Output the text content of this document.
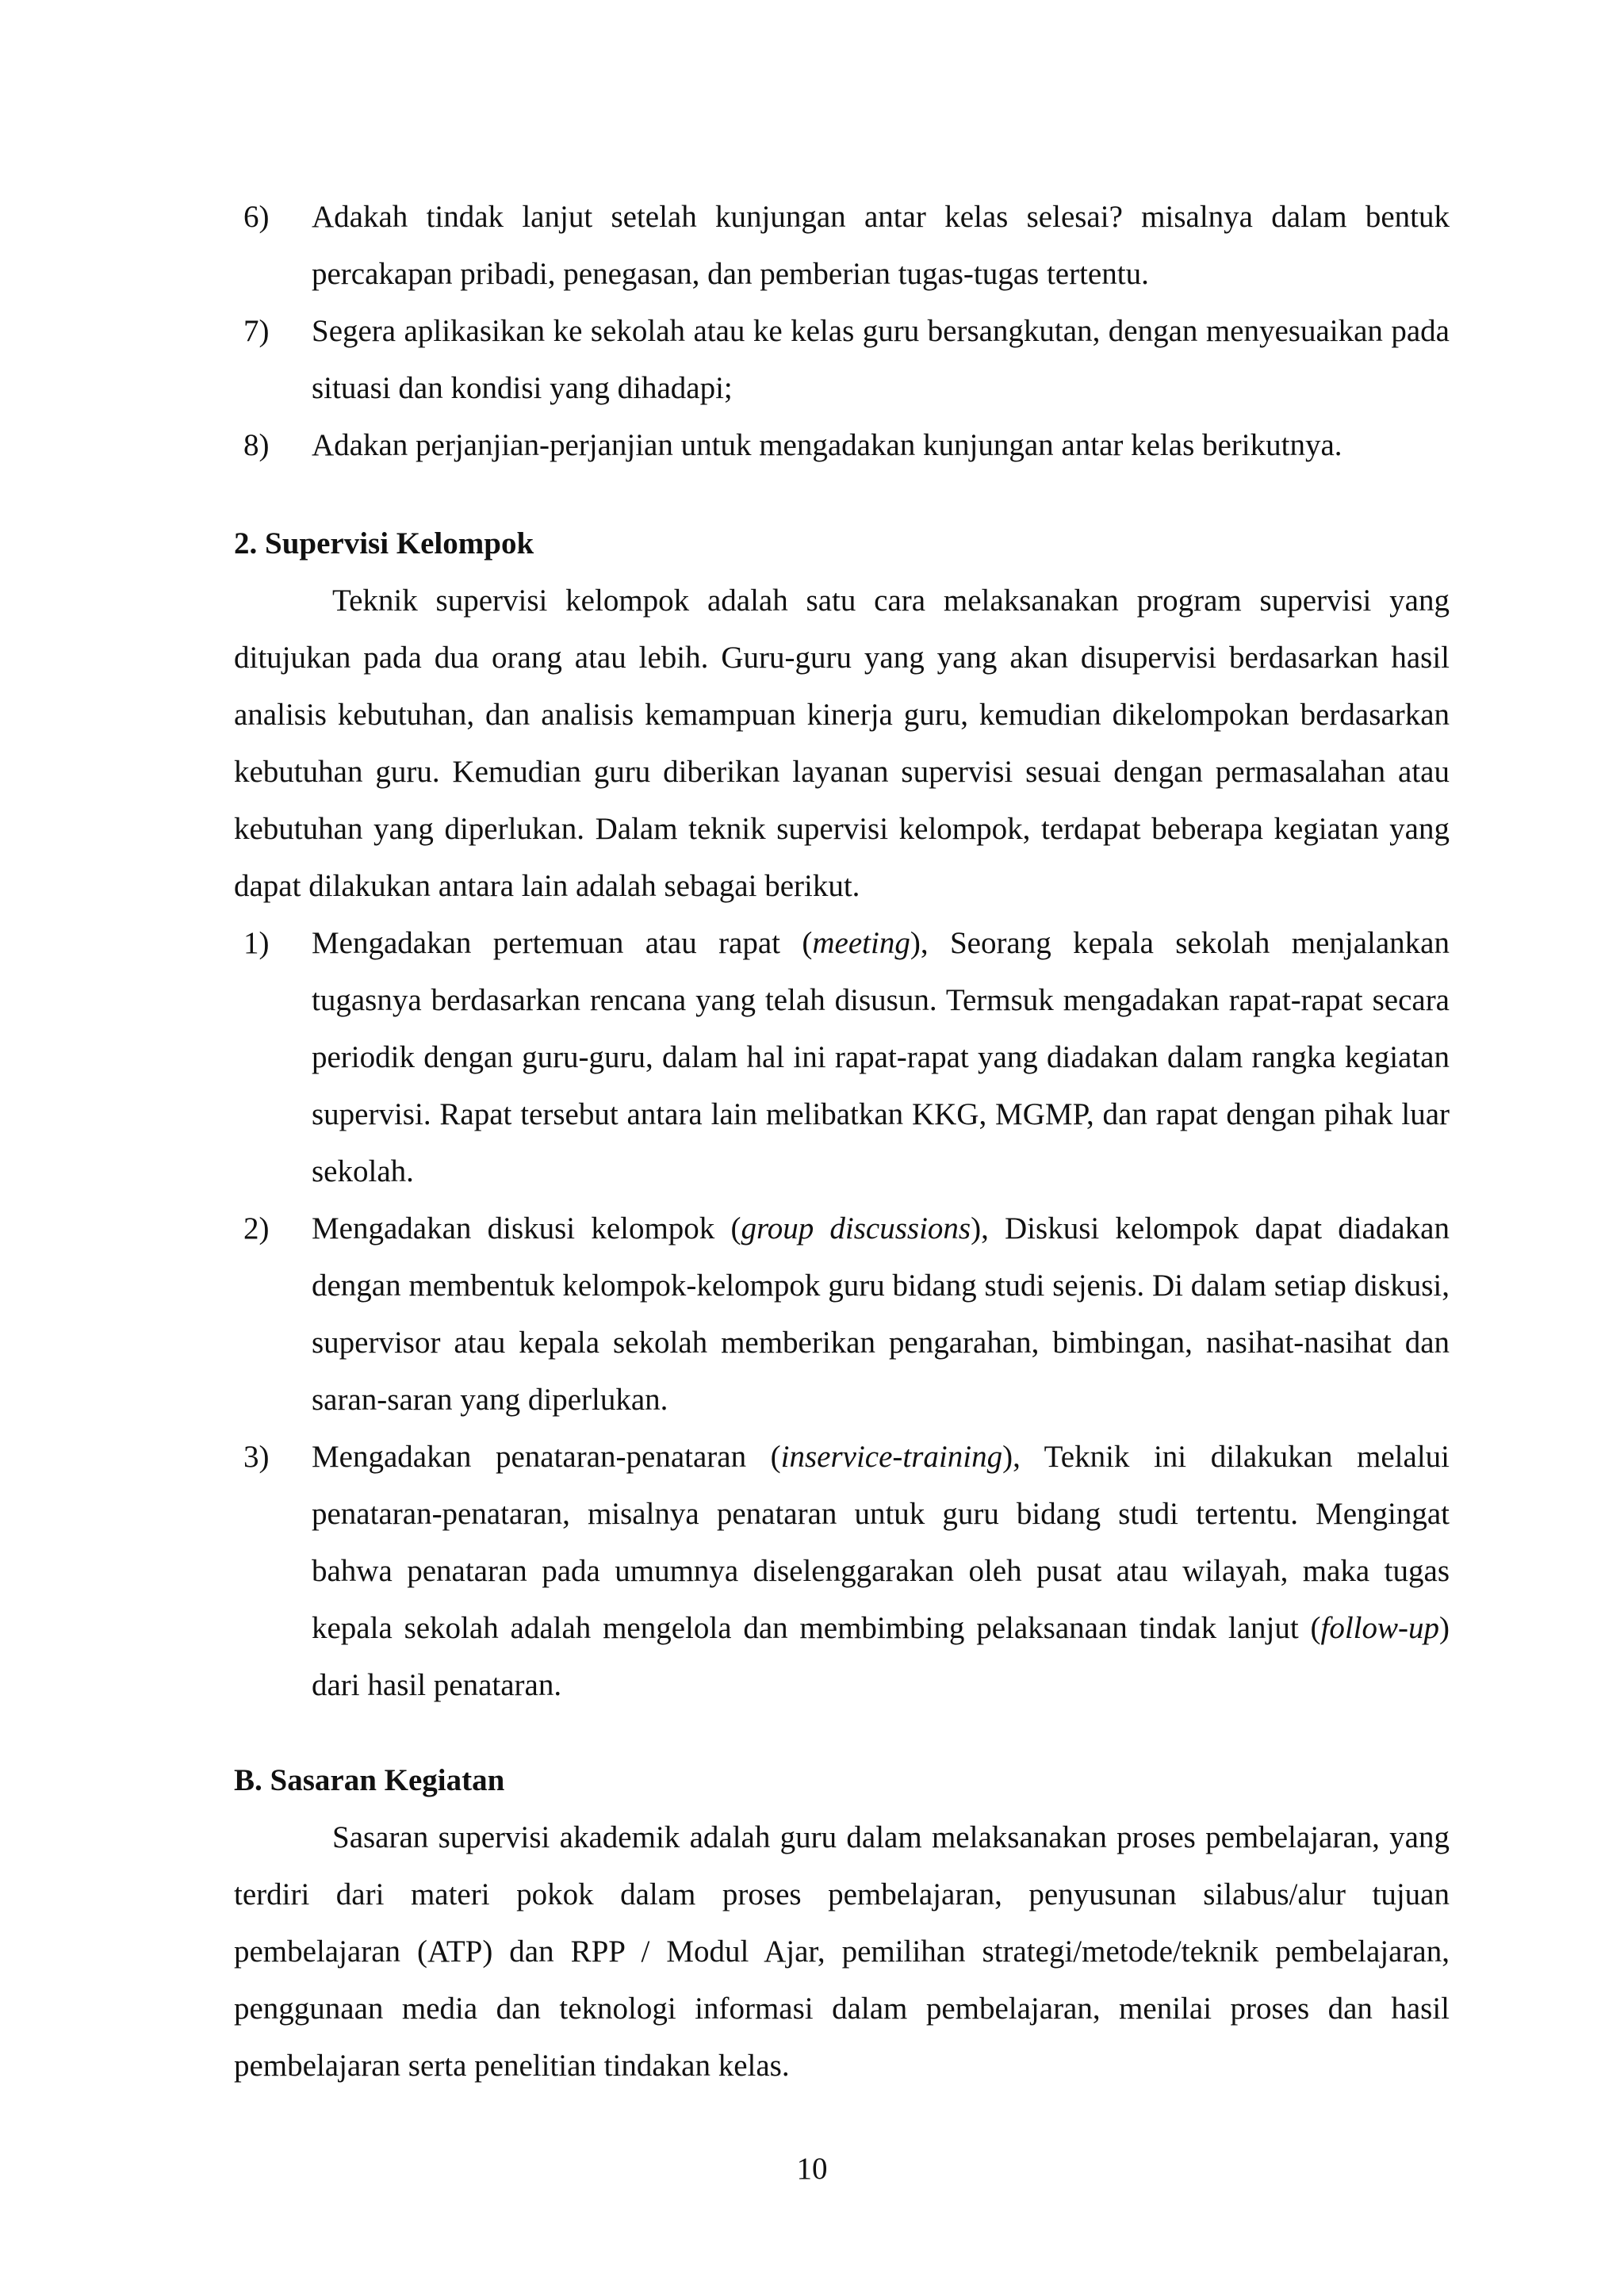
6) Adakah tindak lanjut setelah kunjungan antar kelas selesai? misalnya dalam bentuk percakapan pribadi, penegasan, dan pemberian tugas-tugas tertentu.
7) Segera aplikasikan ke sekolah atau ke kelas guru bersangkutan, dengan menyesuaikan pada situasi dan kondisi yang dihadapi;
8) Adakan perjanjian-perjanjian untuk mengadakan kunjungan antar kelas berikutnya.

2. Supervisi Kelompok

Teknik supervisi kelompok adalah satu cara melaksanakan program supervisi yang ditujukan pada dua orang atau lebih. Guru-guru yang yang akan disupervisi berdasarkan hasil analisis kebutuhan, dan analisis kemampuan kinerja guru, kemudian dikelompokan berdasarkan kebutuhan guru. Kemudian guru diberikan layanan supervisi sesuai dengan permasalahan atau kebutuhan yang diperlukan. Dalam teknik supervisi kelompok, terdapat beberapa kegiatan yang dapat dilakukan antara lain adalah sebagai berikut.

1) Mengadakan pertemuan atau rapat (meeting), Seorang kepala sekolah menjalankan tugasnya berdasarkan rencana yang telah disusun. Termsuk mengadakan rapat-rapat secara periodik dengan guru-guru, dalam hal ini rapat-rapat yang diadakan dalam rangka kegiatan supervisi. Rapat tersebut antara lain melibatkan KKG, MGMP, dan rapat dengan pihak luar sekolah.
2) Mengadakan diskusi kelompok (group discussions), Diskusi kelompok dapat diadakan dengan membentuk kelompok-kelompok guru bidang studi sejenis. Di dalam setiap diskusi, supervisor atau kepala sekolah memberikan pengarahan, bimbingan, nasihat-nasihat dan saran-saran yang diperlukan.
3) Mengadakan penataran-penataran (inservice-training), Teknik ini dilakukan melalui penataran-penataran, misalnya penataran untuk guru bidang studi tertentu. Mengingat bahwa penataran pada umumnya diselenggarakan oleh pusat atau wilayah, maka tugas kepala sekolah adalah mengelola dan membimbing pelaksanaan tindak lanjut (follow-up) dari hasil penataran.

B. Sasaran Kegiatan

Sasaran supervisi akademik adalah guru dalam melaksanakan proses pembelajaran, yang terdiri dari materi pokok dalam proses pembelajaran, penyusunan silabus/alur tujuan pembelajaran (ATP) dan RPP / Modul Ajar, pemilihan strategi/metode/teknik pembelajaran, penggunaan media dan teknologi informasi dalam pembelajaran, menilai proses dan hasil pembelajaran serta penelitian tindakan kelas.

10
